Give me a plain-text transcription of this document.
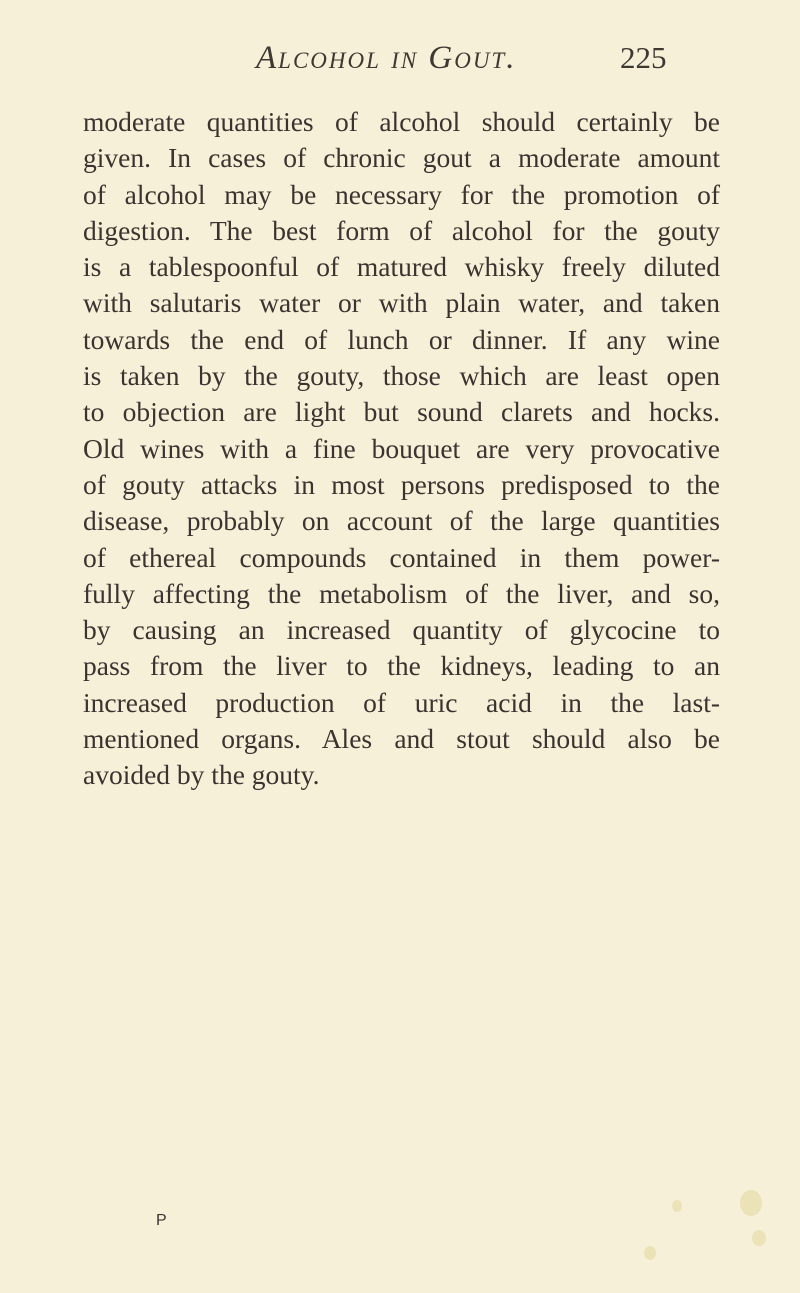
Alcohol in Gout.	225
moderate quantities of alcohol should certainly be
given. In cases of chronic gout a moderate amount
of alcohol may be necessary for the promotion of
digestion. The best form of alcohol for the gouty
is a tablespoonful of matured whisky freely diluted
with salutaris water or with plain water, and taken
towards the end of lunch or dinner. If any wine
is taken by the gouty, those which are least open
to objection are light but sound clarets and hocks.
Old wines with a fine bouquet are very provocative
of gouty attacks in most persons predisposed to the
disease, probably on account of the large quantities
of ethereal compounds contained in them power-
fully affecting the metabolism of the liver, and so,
by causing an increased quantity of glycocine to
pass from the liver to the kidneys, leading to an
increased production of uric acid in the last-
mentioned organs. Ales and stout should also be
avoided by the gouty.
P
